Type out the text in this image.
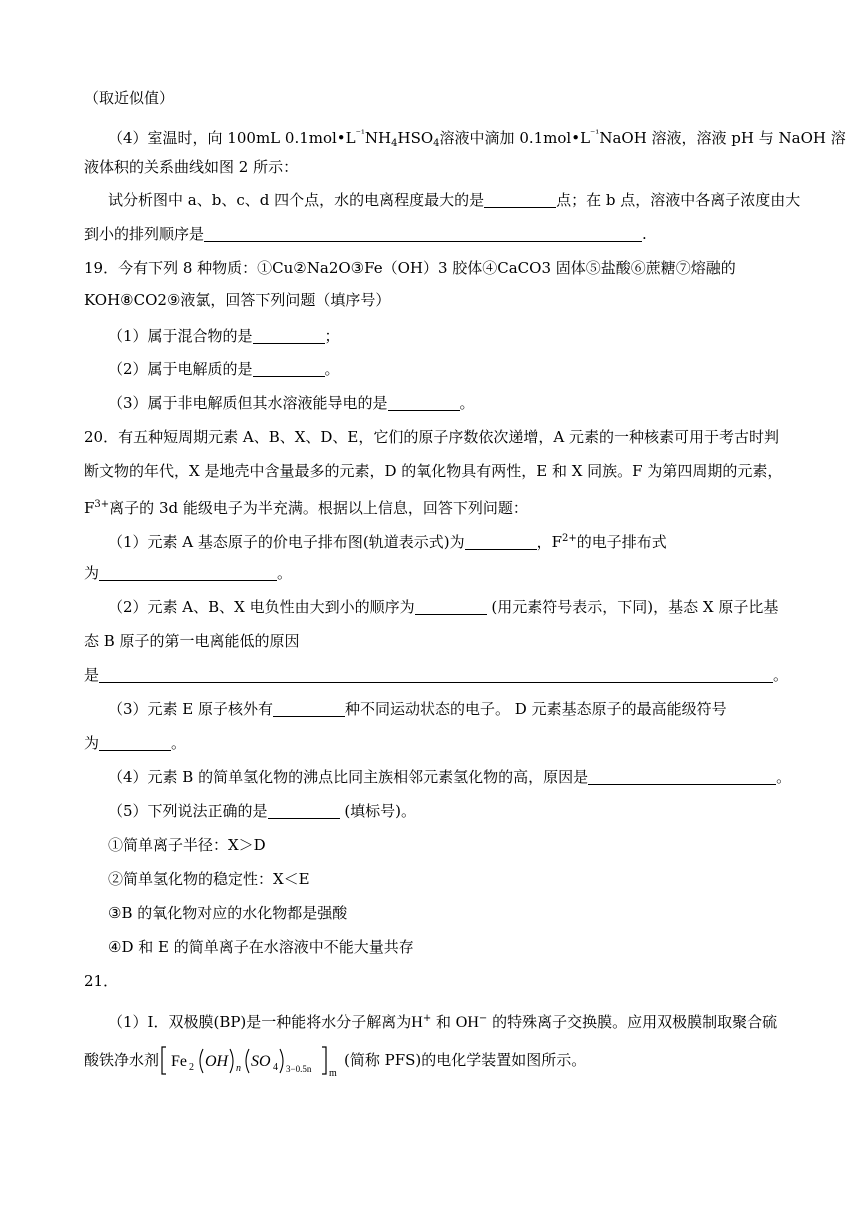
（取近似值）
（4）室温时，向 100mL $0.1mol•L^{^{-1}}NH_4HSO_4$溶液中滴加 $0.1mol•L^{^{-1}}NaOH$ 溶液，溶液 pH 与 NaOH 溶
液体积的关系曲线如图 2 所示：
试分析图中 a、b、c、d 四个点，水的电离程度最大的是	点；在 b 点，溶液中各离子浓度由大
到小的排列顺序是	.
19．今有下列 8 种物质：①Cu②Na2O③Fe（OH）3 胶体④CaCO3 固体⑤盐酸⑥蔗糖⑦熔融的
KOH⑧CO2⑨液氯，回答下列问题（填序号）
（1）属于混合物的是	；
（2）属于电解质的是	。
（3）属于非电解质但其水溶液能导电的是	。
20．有五种短周期元素 A、B、X、D、E，它们的原子序数依次递增，A 元素的一种核素可用于考古时判
断文物的年代，X 是地壳中含量最多的元素，D 的氧化物具有两性，E 和 X 同族。F 为第四周期的元素，
$F^{3+}$离子的 3d 能级电子为半充满。根据以上信息，回答下列问题：
（1）元素 A 基态原子的价电子排布图(轨道表示式)为	，$F^{2+}$的电子排布式
为	。
（2）元素 A、B、X 电负性由大到小的顺序为	(用元素符号表示，下同)，基态 X 原子比基
态 B 原子的第一电离能低的原因
是	。
（3）元素 E 原子核外有	种不同运动状态的电子。 D 元素基态原子的最高能级符号
为	。
（4）元素 B 的简单氢化物的沸点比同主族相邻元素氢化物的高，原因是	。
（5）下列说法正确的是	(填标号)。
①简单离子半径：X＞D
②简单氢化物的稳定性：X＜E
③B 的氧化物对应的水化物都是强酸
④D 和 E 的简单离子在水溶液中不能大量共存
21．
（1）Ⅰ．双极膜(BP)是一种能将水分子解离为H+ 和 OH− 的特殊离子交换膜。应用双极膜制取聚合硫
酸铁净水剂 Fe 2 OH n SO 4 3−0.5n m
(简称 PFS)的电化学装置如图所示。
